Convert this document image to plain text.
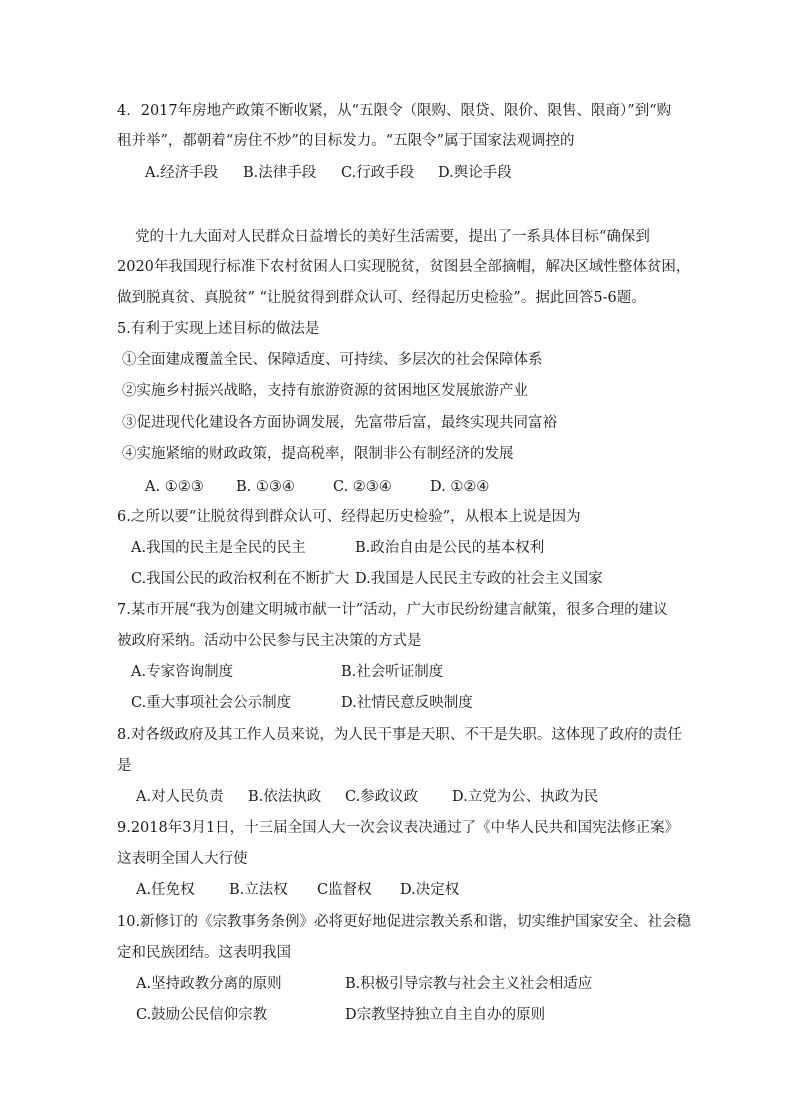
4．2017年房地产政策不断收紧，从“五限令（限购、限贷、限价、限售、限商）”到“购
租并举”，都朝着“房住不炒”的目标发力。“五限令”属于国家法观调控的
A.经济手段 B.法律手段 C.行政手段 D.舆论手段
党的十九大面对人民群众日益增长的美好生活需要，提出了一系具体目标“确保到
2020年我国现行标准下农村贫困人口实现脱贫，贫图县全部摘帽，解决区域性整体贫困，
做到脱真贫、真脱贫” “让脱贫得到群众认可、经得起历史检验”。据此回答5-6题。
5.有利于实现上述目标的做法是
①全面建成覆盖全民、保障适度、可持续、多层次的社会保障体系
②实施乡村振兴战略，支持有旅游资源的贫困地区发展旅游产业
③促进现代化建设各方面协调发展，先富带后富，最终实现共同富裕
④实施紧缩的财政政策，提高税率，限制非公有制经济的发展
A. ①②③ B. ①③④	C. ②③④	D. ①②④
6.之所以要“让脱贫得到群众认可、经得起历史检验”，从根本上说是因为
A.我国的民主是全民的民主	B.政治自由是公民的基本权利
C.我国公民的政治权利在不断扩大 D.我国是人民民主专政的社会主义国家
7.某市开展“我为创建文明城市献一计”活动，广大市民纷纷建言献策，很多合理的建议
被政府采纳。活动中公民参与民主决策的方式是
A.专家咨询制度	B.社会听证制度
C.重大事项社会公示制度	D.社情民意反映制度
8.对各级政府及其工作人员来说，为人民干事是天职、不干是失职。这体现了政府的责任
是
A.对人民负责 B.依法执政 C.参政议政 D.立党为公、执政为民
9.2018年3月1日，十三届全国人大一次会议表决通过了《中华人民共和国宪法修正案》
这表明全国人大行使
A.任免权 B.立法权 C监督权 D.决定权
10.新修订的《宗教事务条例》必将更好地促进宗教关系和谐，切实维护国家安全、社会稳
定和民族团结。这表明我国
A.坚持政教分离的原则	B.积极引导宗教与社会主义社会相适应
C.鼓励公民信仰宗教	D宗教坚持独立自主自办的原则
